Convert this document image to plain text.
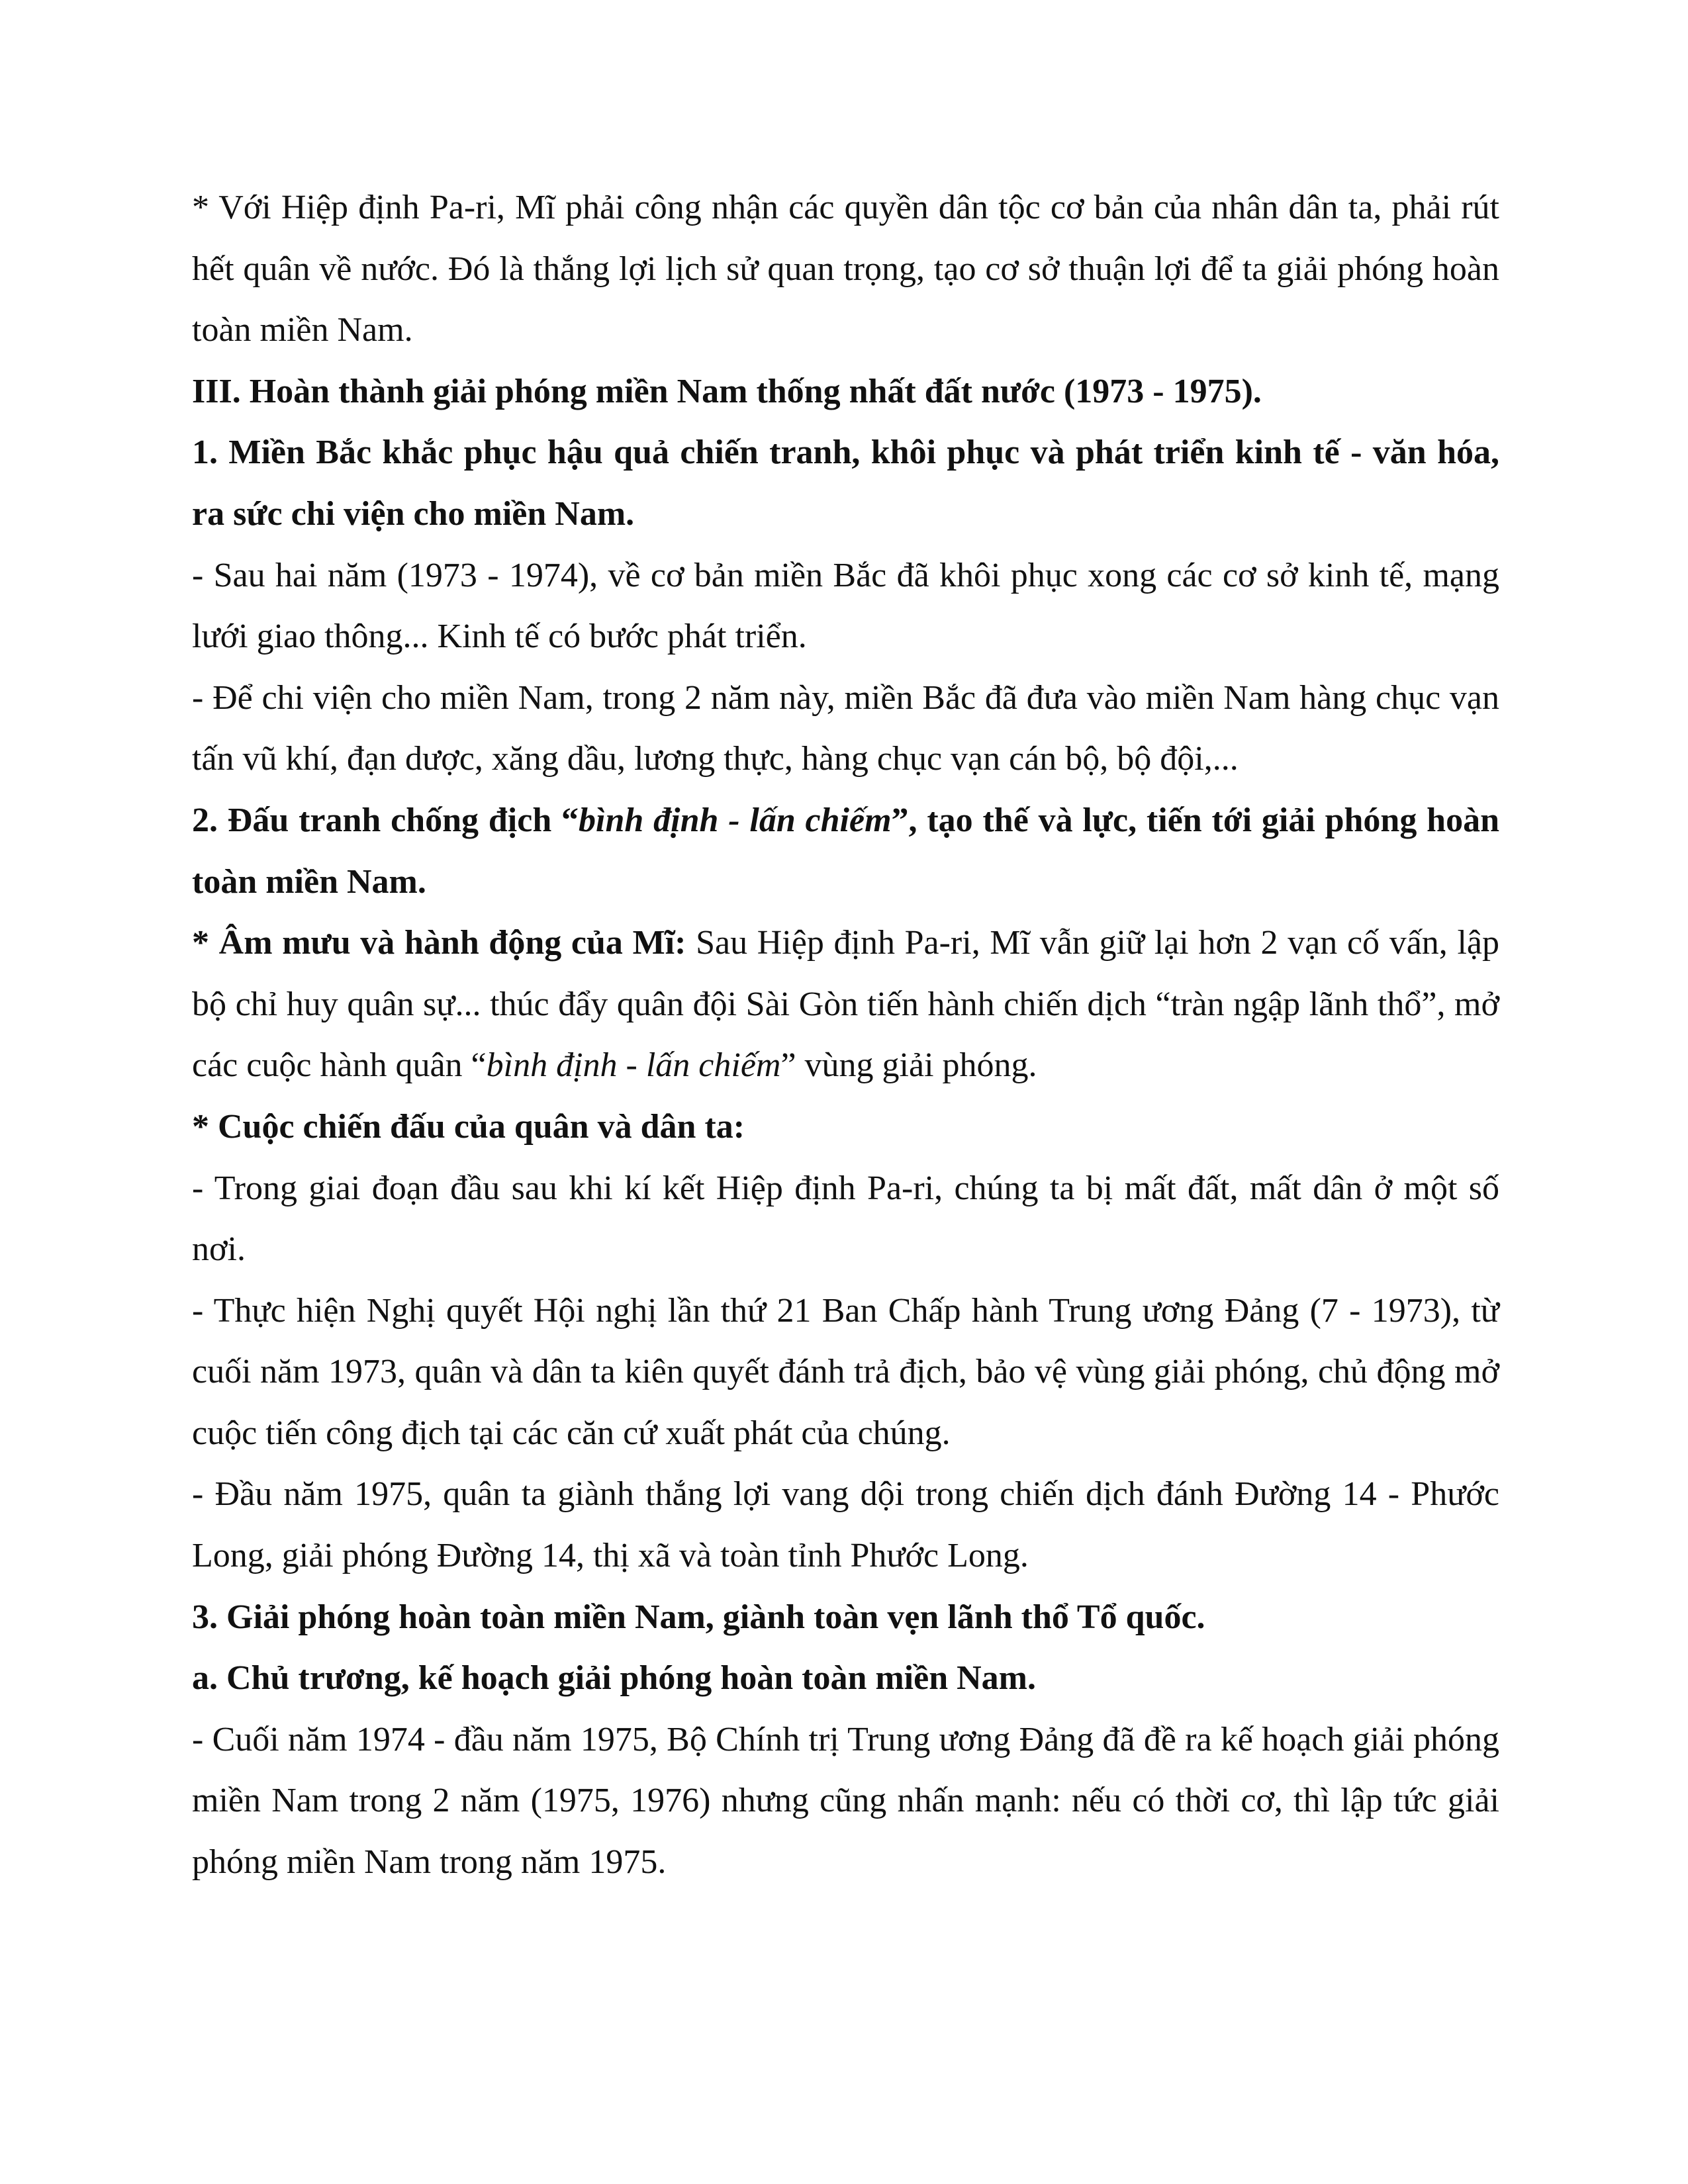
* Với Hiệp định Pa-ri, Mĩ phải công nhận các quyền dân tộc cơ bản của nhân dân ta, phải rút hết quân về nước. Đó là thắng lợi lịch sử quan trọng, tạo cơ sở thuận lợi để ta giải phóng hoàn toàn miền Nam.

III. Hoàn thành giải phóng miền Nam thống nhất đất nước (1973 - 1975).

1. Miền Bắc khắc phục hậu quả chiến tranh, khôi phục và phát triển kinh tế - văn hóa, ra sức chi viện cho miền Nam.

- Sau hai năm (1973 - 1974), về cơ bản miền Bắc đã khôi phục xong các cơ sở kinh tế, mạng lưới giao thông... Kinh tế có bước phát triển.

- Để chi viện cho miền Nam, trong 2 năm này, miền Bắc đã đưa vào miền Nam hàng chục vạn tấn vũ khí, đạn dược, xăng dầu, lương thực, hàng chục vạn cán bộ, bộ đội,...

2. Đấu tranh chống địch “bình định - lấn chiếm”, tạo thế và lực, tiến tới giải phóng hoàn toàn miền Nam.

* Âm mưu và hành động của Mĩ: Sau Hiệp định Pa-ri, Mĩ vẫn giữ lại hơn 2 vạn cố vấn, lập bộ chỉ huy quân sự... thúc đẩy quân đội Sài Gòn tiến hành chiến dịch “tràn ngập lãnh thổ”, mở các cuộc hành quân “bình định - lấn chiếm” vùng giải phóng.

* Cuộc chiến đấu của quân và dân ta:

- Trong giai đoạn đầu sau khi kí kết Hiệp định Pa-ri, chúng ta bị mất đất, mất dân ở một số nơi.

- Thực hiện Nghị quyết Hội nghị lần thứ 21 Ban Chấp hành Trung ương Đảng (7 - 1973), từ cuối năm 1973, quân và dân ta kiên quyết đánh trả địch, bảo vệ vùng giải phóng, chủ động mở cuộc tiến công địch tại các căn cứ xuất phát của chúng.

- Đầu năm 1975, quân ta giành thắng lợi vang dội trong chiến dịch đánh Đường 14 - Phước Long, giải phóng Đường 14, thị xã và toàn tỉnh Phước Long.

3. Giải phóng hoàn toàn miền Nam, giành toàn vẹn lãnh thổ Tổ quốc.

a. Chủ trương, kế hoạch giải phóng hoàn toàn miền Nam.

- Cuối năm 1974 - đầu năm 1975, Bộ Chính trị Trung ương Đảng đã đề ra kế hoạch giải phóng miền Nam trong 2 năm (1975, 1976) nhưng cũng nhấn mạnh: nếu có thời cơ, thì lập tức giải phóng miền Nam trong năm 1975.
